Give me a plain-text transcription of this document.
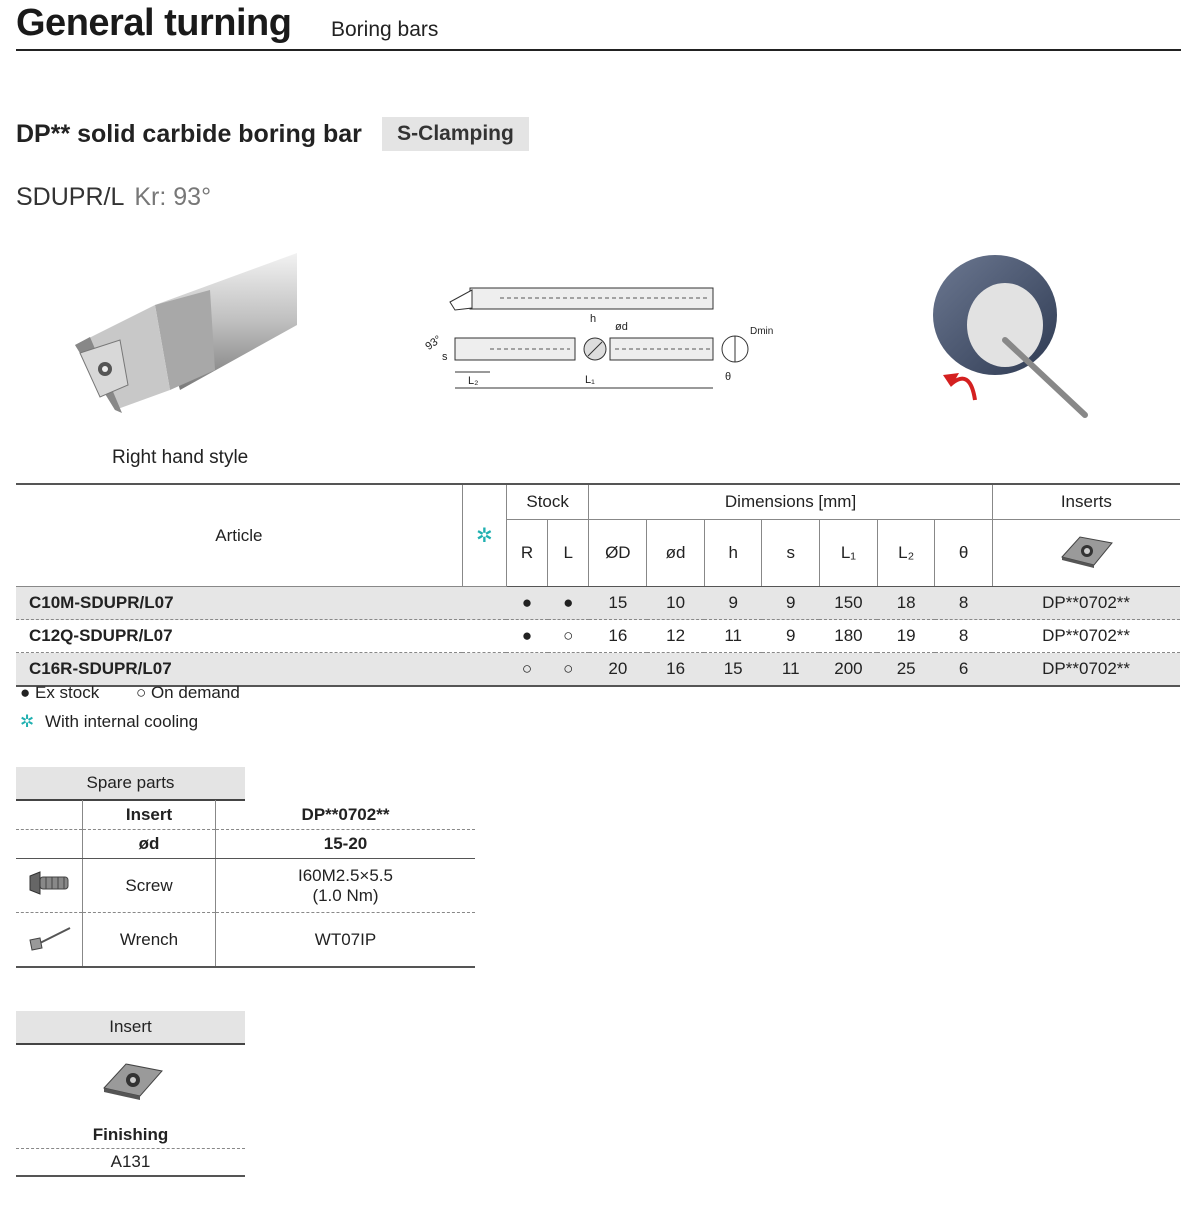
General turning Boring bars
DP** solid carbide boring bar	S-Clamping
SDUPR/L Kr: 93°
Right hand style
93°
h
ød	Dmin
s
L₂	L₁	θ
Article	✲	Stock		Dimensions [mm]							Inserts
		R	L	ØD	ød	h	s	L₁	L₂	θ	
C10M-SDUPR/L07		●	●	15	10	9	9	150	18	8	DP**0702**
C12Q-SDUPR/L07		●	○	16	12	11	9	180	19	8	DP**0702**
C16R-SDUPR/L07		○	○	20	16	15	11	200	25	6	DP**0702**
● Ex stock ○ On demand
✲ With internal cooling
Spare parts
	Insert	DP**0702**
	ød	15-20
	Screw	I60M2.5×5.5
(1.0 Nm)

	Wrench	WT07IP
Insert
Finishing
A131
